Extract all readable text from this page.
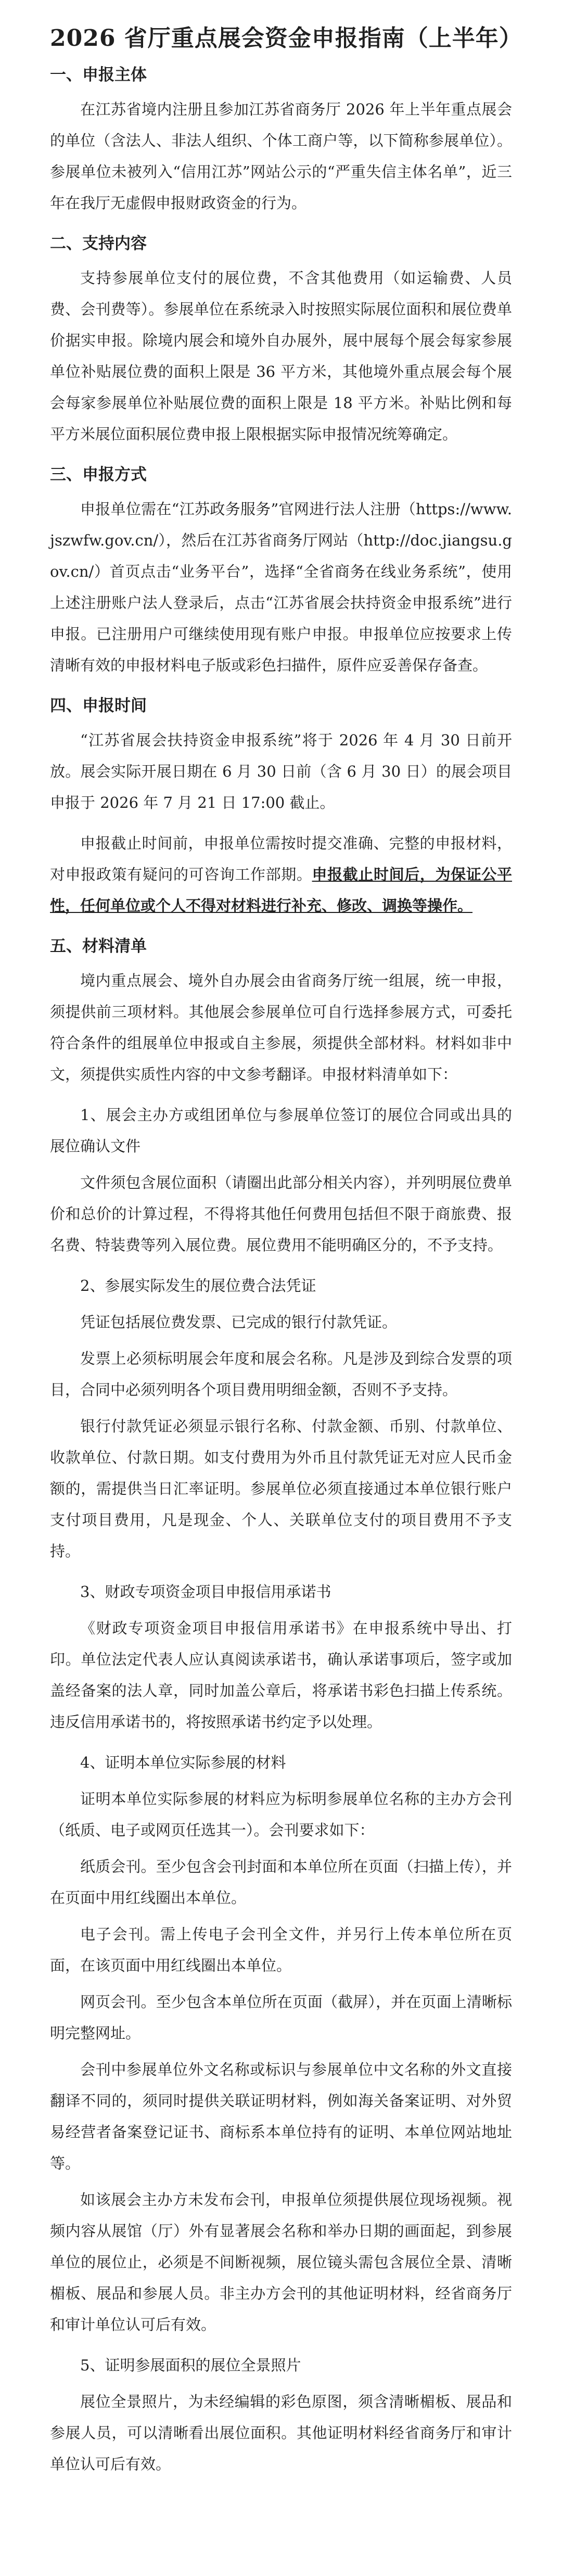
2026 省厅重点展会资金申报指南（上半年）
一、申报主体

在江苏省境内注册且参加江苏省商务厅 2026 年上半年重点展会的单位（含法人、非法人组织、个体工商户等，以下简称参展单位）。参展单位未被列入“信用江苏”网站公示的“严重失信主体名单”，近三年在我厅无虚假申报财政资金的行为。

二、支持内容

支持参展单位支付的展位费，不含其他费用（如运输费、人员费、会刊费等）。参展单位在系统录入时按照实际展位面积和展位费单价据实申报。除境内展会和境外自办展外，展中展每个展会每家参展单位补贴展位费的面积上限是 36 平方米，其他境外重点展会每个展会每家参展单位补贴展位费的面积上限是 18 平方米。补贴比例和每平方米展位面积展位费申报上限根据实际申报情况统筹确定。

三、申报方式

申报单位需在“江苏政务服务”官网进行法人注册（https://www.jszwfw.gov.cn/），然后在江苏省商务厅网站（http://doc.jiangsu.gov.cn/）首页点击“业务平台”，选择“全省商务在线业务系统”，使用上述注册账户法人登录后，点击“江苏省展会扶持资金申报系统”进行申报。已注册用户可继续使用现有账户申报。申报单位应按要求上传清晰有效的申报材料电子版或彩色扫描件，原件应妥善保存备查。

四、申报时间

“江苏省展会扶持资金申报系统”将于 2026 年 4 月 30 日前开放。展会实际开展日期在 6 月 30 日前（含 6 月 30 日）的展会项目申报于 2026 年 7 月 21 日 17:00 截止。

申报截止时间前，申报单位需按时提交准确、完整的申报材料，对申报政策有疑问的可咨询工作部期。申报截止时间后，为保证公平性，任何单位或个人不得对材料进行补充、修改、调换等操作。

五、材料清单

境内重点展会、境外自办展会由省商务厅统一组展，统一申报，须提供前三项材料。其他展会参展单位可自行选择参展方式，可委托符合条件的组展单位申报或自主参展，须提供全部材料。材料如非中文，须提供实质性内容的中文参考翻译。申报材料清单如下：

1、展会主办方或组团单位与参展单位签订的展位合同或出具的展位确认文件

文件须包含展位面积（请圈出此部分相关内容），并列明展位费单价和总价的计算过程，不得将其他任何费用包括但不限于商旅费、报名费、特装费等列入展位费。展位费用不能明确区分的，不予支持。

2、参展实际发生的展位费合法凭证

凭证包括展位费发票、已完成的银行付款凭证。

发票上必须标明展会年度和展会名称。凡是涉及到综合发票的项目，合同中必须列明各个项目费用明细金额，否则不予支持。

银行付款凭证必须显示银行名称、付款金额、币别、付款单位、收款单位、付款日期。如支付费用为外币且付款凭证无对应人民币金额的，需提供当日汇率证明。参展单位必须直接通过本单位银行账户支付项目费用，凡是现金、个人、关联单位支付的项目费用不予支持。

3、财政专项资金项目申报信用承诺书

《财政专项资金项目申报信用承诺书》在申报系统中导出、打印。单位法定代表人应认真阅读承诺书，确认承诺事项后，签字或加盖经备案的法人章，同时加盖公章后，将承诺书彩色扫描上传系统。违反信用承诺书的，将按照承诺书约定予以处理。

4、证明本单位实际参展的材料

证明本单位实际参展的材料应为标明参展单位名称的主办方会刊（纸质、电子或网页任选其一）。会刊要求如下：

纸质会刊。至少包含会刊封面和本单位所在页面（扫描上传），并在页面中用红线圈出本单位。

电子会刊。需上传电子会刊全文件，并另行上传本单位所在页面，在该页面中用红线圈出本单位。

网页会刊。至少包含本单位所在页面（截屏），并在页面上清晰标明完整网址。

会刊中参展单位外文名称或标识与参展单位中文名称的外文直接翻译不同的，须同时提供关联证明材料，例如海关备案证明、对外贸易经营者备案登记证书、商标系本单位持有的证明、本单位网站地址等。

如该展会主办方未发布会刊，申报单位须提供展位现场视频。视频内容从展馆（厅）外有显著展会名称和举办日期的画面起，到参展单位的展位止，必须是不间断视频，展位镜头需包含展位全景、清晰楣板、展品和参展人员。非主办方会刊的其他证明材料，经省商务厅和审计单位认可后有效。

5、证明参展面积的展位全景照片

展位全景照片，为未经编辑的彩色原图，须含清晰楣板、展品和参展人员，可以清晰看出展位面积。其他证明材料经省商务厅和审计单位认可后有效。
